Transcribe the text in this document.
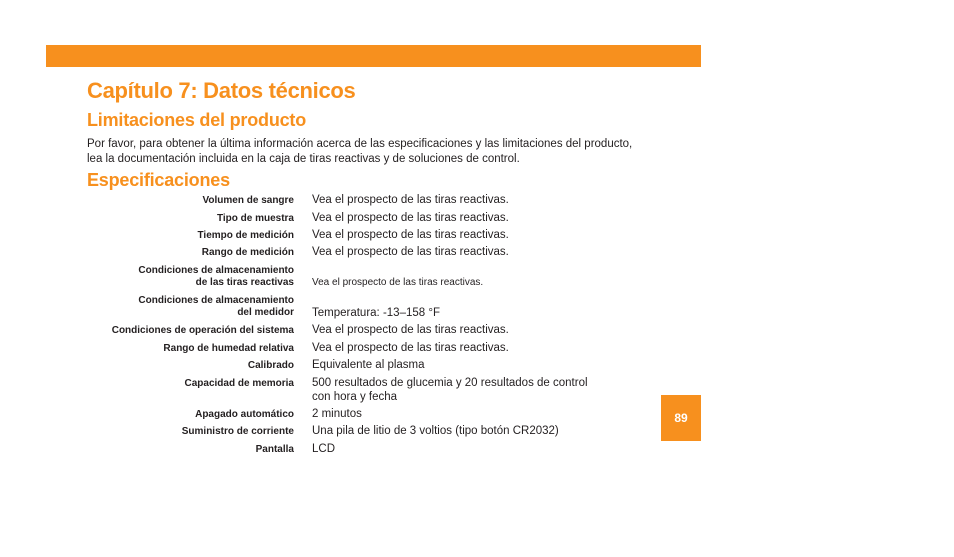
Capítulo 7: Datos técnicos
Limitaciones del producto

Por favor, para obtener la última información acerca de las especificaciones y las limitaciones del producto,
lea la documentación incluida en la caja de tiras reactivas y de soluciones de control.

Especificaciones
Volumen de sangre Vea el prospecto de las tiras reactivas.
Tipo de muestra Vea el prospecto de las tiras reactivas.
Tiempo de medición Vea el prospecto de las tiras reactivas.
Rango de medición Vea el prospecto de las tiras reactivas.
Condiciones de almacenamiento
de las tiras reactivas Vea el prospecto de las tiras reactivas.
Condiciones de almacenamiento
del medidor Temperatura: -13–158 °F
Condiciones de operación del sistema Vea el prospecto de las tiras reactivas.
Rango de humedad relativa Vea el prospecto de las tiras reactivas.
Calibrado Equivalente al plasma
Capacidad de memoria 500 resultados de glucemia y 20 resultados de control
con hora y fecha
Apagado automático 2 minutos
Suministro de corriente Una pila de litio de 3 voltios (tipo botón CR2032)
Pantalla LCD
89
